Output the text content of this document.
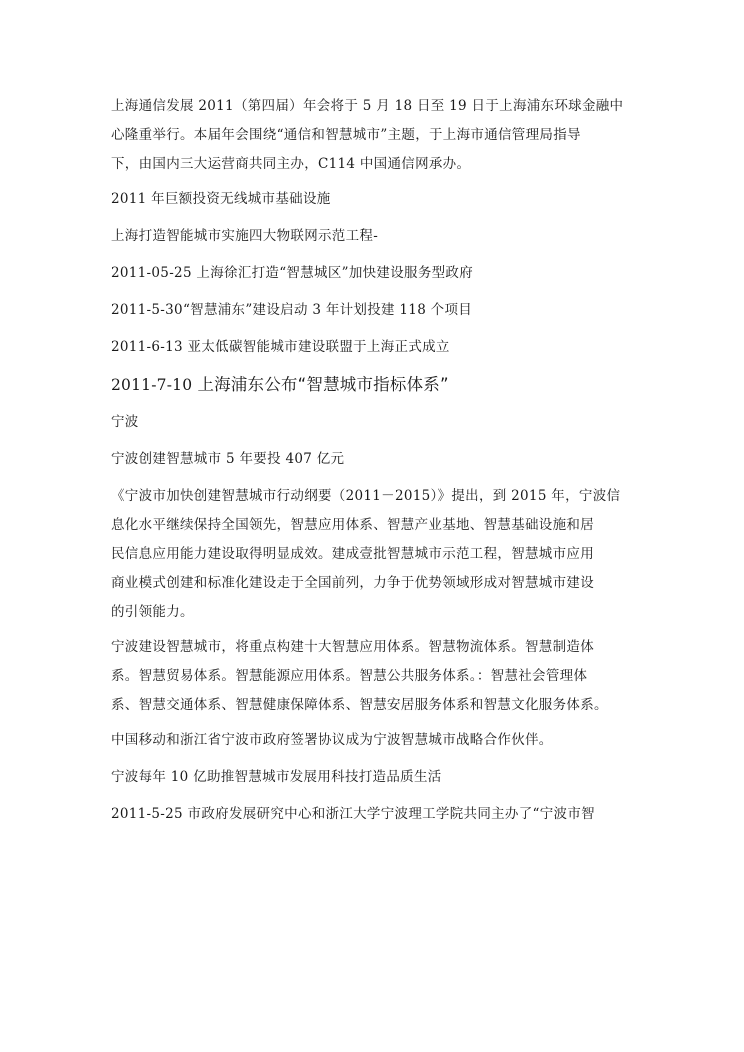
上海通信发展 2011（第四届）年会将于 5 月 18 日至 19 日于上海浦东环球金融中

心隆重举行。本届年会围绕“通信和智慧城市”主题，于上海市通信管理局指导

下，由国内三大运营商共同主办，C114 中国通信网承办。

2011 年巨额投资无线城市基础设施

上海打造智能城市实施四大物联网示范工程-

2011-05-25 上海徐汇打造“智慧城区”加快建设服务型政府

2011-5-30“智慧浦东”建设启动 3 年计划投建 118 个项目

2011-6-13 亚太低碳智能城市建设联盟于上海正式成立

2011-7-10 上海浦东公布“智慧城市指标体系”

宁波

宁波创建智慧城市 5 年要投 407 亿元

《宁波市加快创建智慧城市行动纲要（2011－2015）》提出，到 2015 年，宁波信

息化水平继续保持全国领先，智慧应用体系、智慧产业基地、智慧基础设施和居

民信息应用能力建设取得明显成效。建成壹批智慧城市示范工程，智慧城市应用

商业模式创建和标准化建设走于全国前列，力争于优势领域形成对智慧城市建设

的引领能力。

宁波建设智慧城市，将重点构建十大智慧应用体系。智慧物流体系。智慧制造体

系。智慧贸易体系。智慧能源应用体系。智慧公共服务体系。：智慧社会管理体

系、智慧交通体系、智慧健康保障体系、智慧安居服务体系和智慧文化服务体系。

中国移动和浙江省宁波市政府签署协议成为宁波智慧城市战略合作伙伴。

宁波每年 10 亿助推智慧城市发展用科技打造品质生活

2011-5-25 市政府发展研究中心和浙江大学宁波理工学院共同主办了“宁波市智
